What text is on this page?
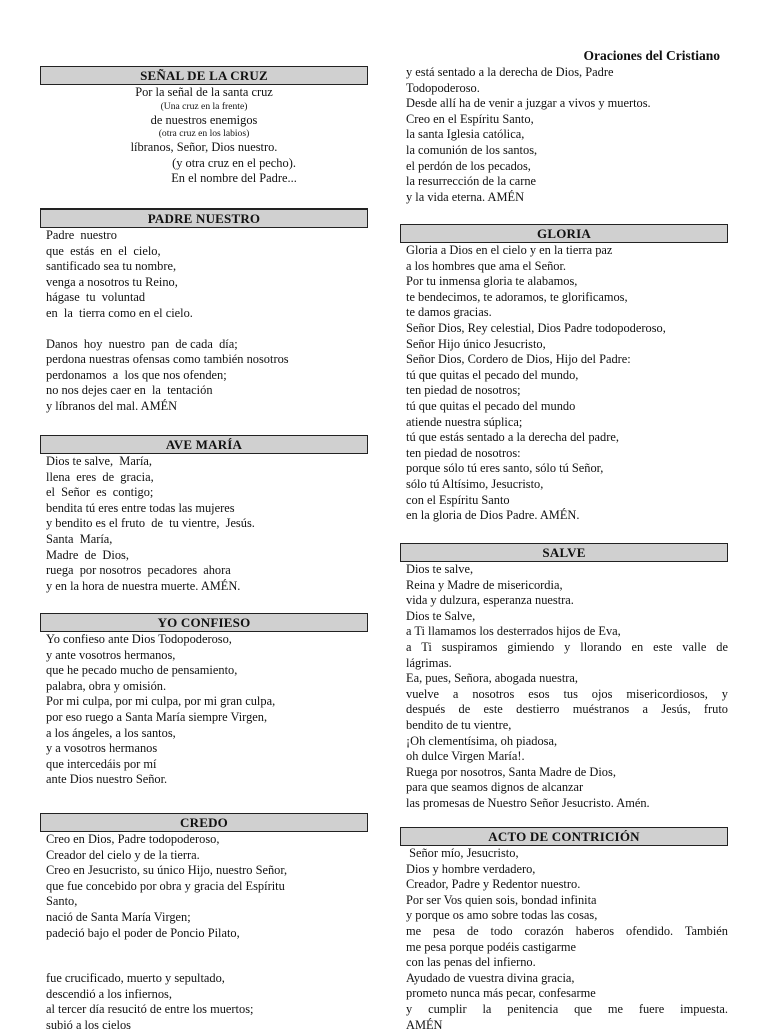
Oraciones del Cristiano
SEÑAL DE LA CRUZ
Por la señal de la santa cruz
(Una cruz en la frente)
de nuestros enemigos
(otra cruz en los labios)
líbranos, Señor, Dios nuestro.
(y otra cruz en el pecho).
En el nombre del Padre...
PADRE NUESTRO
Padre  nuestro
que  estás  en  el  cielo,
santificado sea tu nombre,
venga a nosotros tu Reino,
hágase  tu  voluntad
en  la  tierra como en el cielo.
Danos  hoy  nuestro  pan  de cada  día;
perdona nuestras ofensas como también nosotros
perdonamos  a  los que nos ofenden;
no nos dejes caer en  la  tentación
y líbranos del mal. AMÉN
AVE MARÍA
Dios te salve,  María,
llena  eres  de  gracia,
el  Señor  es  contigo;
bendita tú eres entre todas las mujeres
y bendito es el fruto  de  tu vientre,  Jesús.
Santa  María,
Madre  de  Dios,
ruega  por nosotros  pecadores  ahora
y en la hora de nuestra muerte. AMÉN.
YO CONFIESO
Yo confieso ante Dios Todopoderoso,
y ante vosotros hermanos,
que he pecado mucho de pensamiento,
palabra, obra y omisión.
Por mi culpa, por mi culpa, por mi gran culpa,
por eso ruego a Santa María siempre Virgen,
a los ángeles, a los santos,
y a vosotros hermanos
que intercedáis por mí
ante Dios nuestro Señor.
CREDO
Creo en Dios, Padre todopoderoso,
Creador del cielo y de la tierra.
Creo en Jesucristo, su único Hijo, nuestro Señor,
que fue concebido por obra y gracia del Espíritu
Santo,
nació de Santa María Virgen;
padeció bajo el poder de Poncio Pilato,
fue crucificado, muerto y sepultado,
descendió a los infiernos,
al tercer día resucitó de entre los muertos;
subió a los cielos
y está sentado a la derecha de Dios, Padre
Todopoderoso.
Desde allí ha de venir a juzgar a vivos y muertos.
Creo en el Espíritu Santo,
la santa Iglesia católica,
la comunión de los santos,
el perdón de los pecados,
la resurrección de la carne
y la vida eterna. AMÉN
GLORIA
Gloria a Dios en el cielo y en la tierra paz
a los hombres que ama el Señor.
Por tu inmensa gloria te alabamos,
te bendecimos, te adoramos, te glorificamos,
te damos gracias.
Señor Dios, Rey celestial, Dios Padre todopoderoso,
Señor Hijo único Jesucristo,
Señor Dios, Cordero de Dios, Hijo del Padre:
tú que quitas el pecado del mundo,
ten piedad de nosotros;
tú que quitas el pecado del mundo
atiende nuestra súplica;
tú que estás sentado a la derecha del padre,
ten piedad de nosotros:
porque sólo tú eres santo, sólo tú Señor,
sólo tú Altísimo, Jesucristo,
con el Espíritu Santo
en la gloria de Dios Padre. AMÉN.
SALVE
Dios te salve,
Reina y Madre de misericordia,
vida y dulzura, esperanza nuestra.
Dios te Salve,
a Ti llamamos los desterrados hijos de Eva,
a Ti suspiramos gimiendo y llorando en este valle de
lágrimas.
Ea, pues, Señora, abogada nuestra,
vuelve a nosotros esos tus ojos misericordiosos, y
después de este destierro muéstranos a Jesús, fruto
bendito de tu vientre,
¡Oh clementísima, oh piadosa,
oh dulce Virgen María!.
Ruega por nosotros, Santa Madre de Dios,
para que seamos dignos de alcanzar
las promesas de Nuestro Señor Jesucristo. Amén.
ACTO DE CONTRICIÓN
Señor mío, Jesucristo,
Dios y hombre verdadero,
Creador, Padre y Redentor nuestro.
Por ser Vos quien sois, bondad infinita
y porque os amo sobre todas las cosas,
me pesa de todo corazón haberos ofendido. También
me pesa porque podéis castigarme
con las penas del infierno.
Ayudado de vuestra divina gracia,
prometo nunca más pecar, confesarme
y cumplir la penitencia que me fuere impuesta.
AMÉN
